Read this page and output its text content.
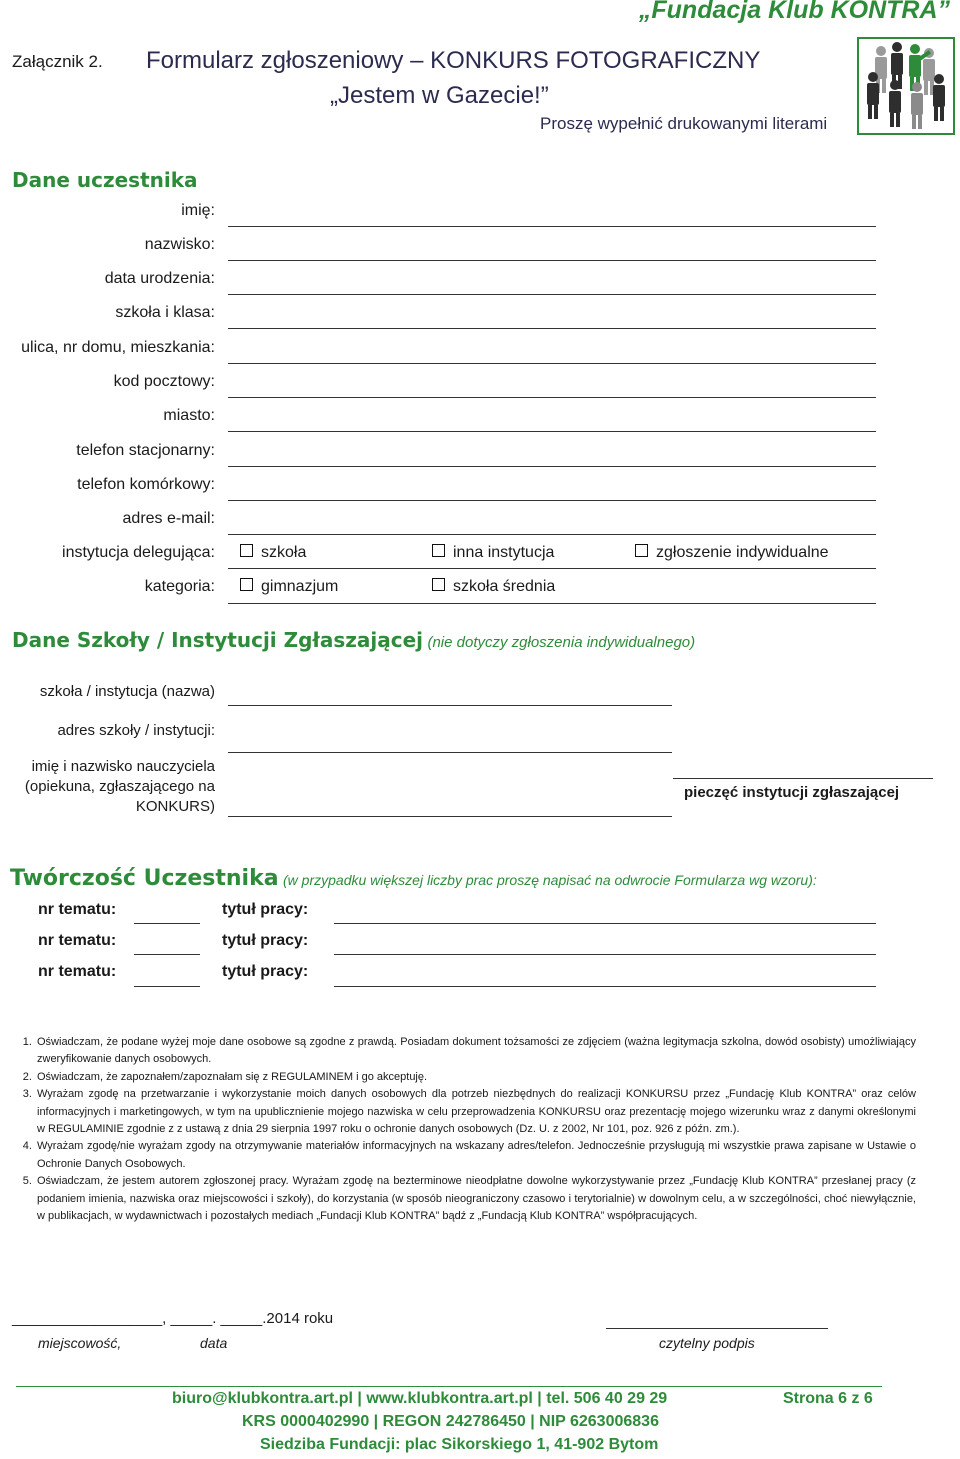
Załącznik 2. Formularz zgłoszeniowy – KONKURS FOTOGRAFICZNY
„Jestem w Gazecie!”
Proszę wypełnić drukowanymi literami
„Fundacja Klub KONTRA”
Dane uczestnika
imię:
nazwisko:
data urodzenia:
szkoła i klasa:
ulica, nr domu, mieszkania:
kod pocztowy:
miasto:
telefon stacjonarny:
telefon komórkowy:
adres e-mail:
instytucja delegująca:	szkoła	inna instytucja	zgłoszenie indywidualne
kategoria:	gimnazjum	szkoła średnia
Dane Szkoły / Instytucji Zgłaszającej (nie dotyczy zgłoszenia indywidualnego)
szkoła / instytucja (nazwa)
adres szkoły / instytucji:
imię i nazwisko nauczyciela
(opiekuna, zgłaszającego na
KONKURS)
pieczęć instytucji zgłaszającej
Twórczość Uczestnika (w przypadku większej liczby prac proszę napisać na odwrocie Formularza wg wzoru):
nr tematu:	tytuł pracy:
nr tematu:	tytuł pracy:
nr tematu:	tytuł pracy:
1. Oświadczam, że podane wyżej moje dane osobowe są zgodne z prawdą. Posiadam dokument tożsamości ze zdjęciem (ważna legitymacja szkolna, dowód osobisty) umożliwiający zweryfikowanie danych osobowych.
2. Oświadczam, że zapoznałem/zapoznałam się z REGULAMINEM i go akceptuję.
3. Wyrażam zgodę na przetwarzanie i wykorzystanie moich danych osobowych dla potrzeb niezbędnych do realizacji KONKURSU przez „Fundację Klub KONTRA” oraz celów informacyjnych i marketingowych, w tym na upublicznienie mojego nazwiska w celu przeprowadzenia KONKURSU oraz prezentację mojego wizerunku wraz z danymi określonymi w REGULAMINIE zgodnie z z ustawą z dnia 29 sierpnia 1997 roku o ochronie danych osobowych (Dz. U. z 2002, Nr 101, poz. 926 z późn. zm.).
4. Wyrażam zgodę/nie wyrażam zgody na otrzymywanie materiałów informacyjnych na wskazany adres/telefon. Jednocześnie przysługują mi wszystkie prawa zapisane w Ustawie o Ochronie Danych Osobowych.
5. Oświadczam, że jestem autorem zgłoszonej pracy. Wyrażam zgodę na bezterminowe nieodpłatne dowolne wykorzystywanie przez „Fundację Klub KONTRA” przesłanej pracy (z podaniem imienia, nazwiska oraz miejscowości i szkoły), do korzystania (w sposób nieograniczony czasowo i terytorialnie) w dowolnym celu, a w szczególności, choć niewyłącznie, w publikacjach, w wydawnictwach i pozostałych mediach „Fundacji Klub KONTRA” bądź z „Fundacją Klub KONTRA” współpracujących.
__________________, _____. _____.2014 roku
miejscowość,	data	czytelny podpis
biuro@klubkontra.art.pl | www.klubkontra.art.pl | tel. 506 40 29 29	Strona 6 z 6
KRS 0000402990 | REGON 242786450 | NIP 6263006836
Siedziba Fundacji: plac Sikorskiego 1, 41-902 Bytom
